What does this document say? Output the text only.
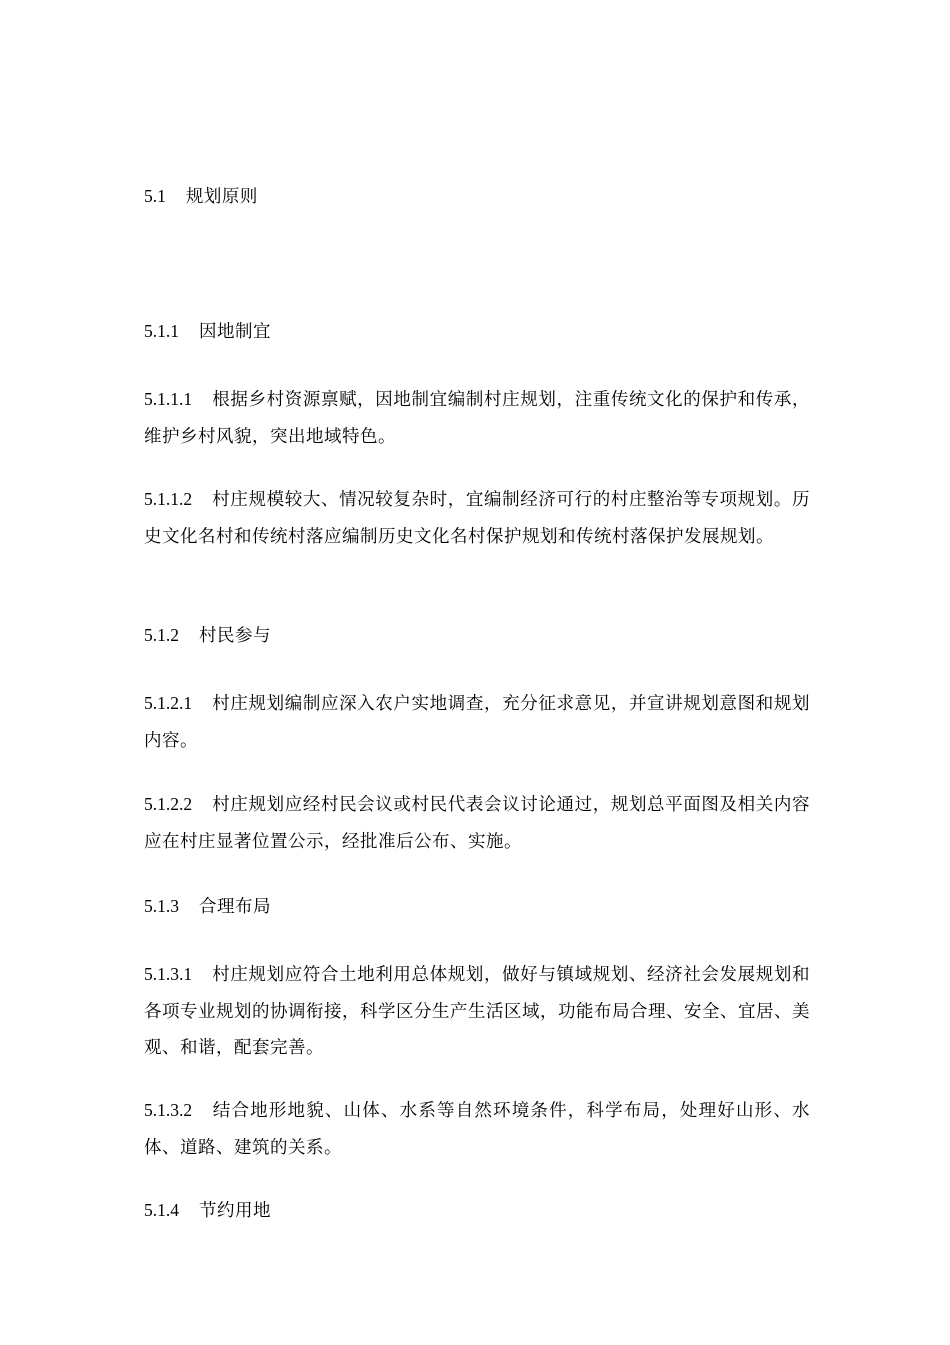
5.1 规划原则

5.1.1 因地制宜

5.1.1.1 根据乡村资源禀赋，因地制宜编制村庄规划，注重传统文化的保护和传承，维护乡村风貌，突出地域特色。

5.1.1.2 村庄规模较大、情况较复杂时，宜编制经济可行的村庄整治等专项规划。历史文化名村和传统村落应编制历史文化名村保护规划和传统村落保护发展规划。

5.1.2 村民参与

5.1.2.1 村庄规划编制应深入农户实地调查，充分征求意见，并宣讲规划意图和规划内容。

5.1.2.2 村庄规划应经村民会议或村民代表会议讨论通过，规划总平面图及相关内容应在村庄显著位置公示，经批准后公布、实施。

5.1.3 合理布局

5.1.3.1 村庄规划应符合土地利用总体规划，做好与镇域规划、经济社会发展规划和各项专业规划的协调衔接，科学区分生产生活区域，功能布局合理、安全、宜居、美观、和谐，配套完善。

5.1.3.2 结合地形地貌、山体、水系等自然环境条件，科学布局，处理好山形、水体、道路、建筑的关系。

5.1.4 节约用地
